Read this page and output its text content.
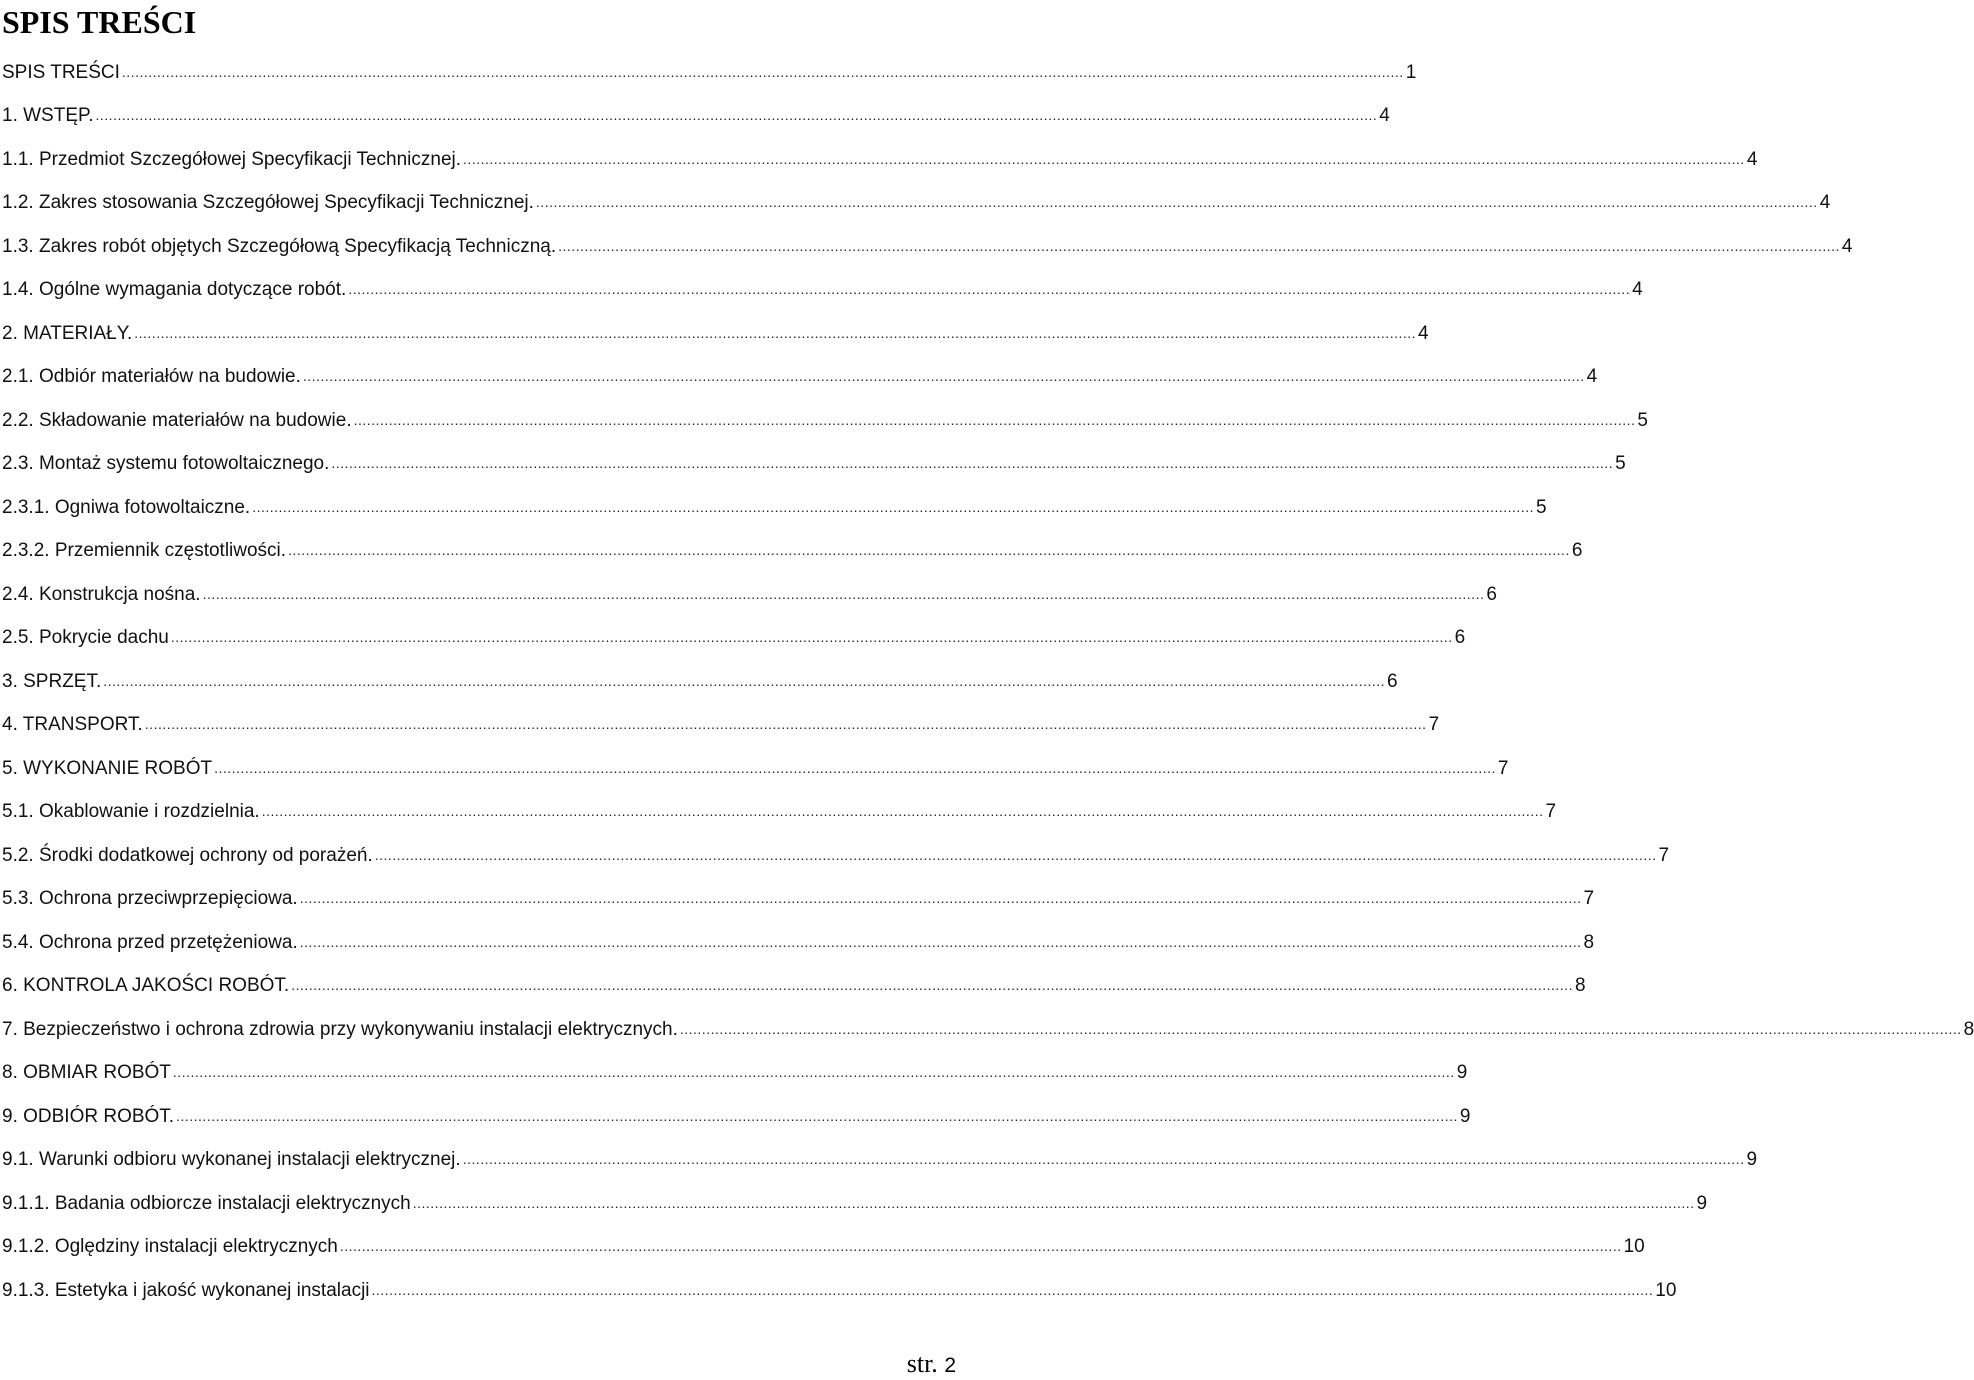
SPIS TREŚCI
SPIS TREŚCI .....	1
1. WSTĘP. .....	4
1.1. Przedmiot Szczegółowej Specyfikacji Technicznej. .....	4
1.2. Zakres stosowania Szczegółowej Specyfikacji Technicznej. .....	4
1.3. Zakres robót objętych Szczegółową Specyfikacją Techniczną. .....	4
1.4. Ogólne wymagania dotyczące robót. .....	4
2. MATERIAŁY. .....	4
2.1. Odbiór materiałów na budowie. .....	4
2.2. Składowanie materiałów na budowie. .....	5
2.3. Montaż systemu fotowoltaicznego. .....	5
2.3.1. Ogniwa fotowoltaiczne. .....	5
2.3.2. Przemiennik częstotliwości. .....	6
2.4. Konstrukcja nośna. .....	6
2.5. Pokrycie dachu .....	6
3. SPRZĘT. .....	6
4. TRANSPORT. .....	7
5. WYKONANIE ROBÓT .....	7
5.1. Okablowanie i rozdzielnia. .....	7
5.2. Środki dodatkowej ochrony od porażeń. .....	7
5.3. Ochrona przeciwprzepięciowa. .....	7
5.4. Ochrona przed przetężeniowa. .....	8
6. KONTROLA JAKOŚCI ROBÓT. .....	8
7. Bezpieczeństwo i ochrona zdrowia przy wykonywaniu instalacji elektrycznych. .....	8
8. OBMIAR ROBÓT .....	9
9. ODBIÓR ROBÓT. .....	9
9.1. Warunki odbioru wykonanej instalacji elektrycznej. .....	9
9.1.1. Badania odbiorcze instalacji elektrycznych .....	9
9.1.2. Oględziny instalacji elektrycznych .....	10
9.1.3. Estetyka i jakość wykonanej instalacji .....	10
str. 2
